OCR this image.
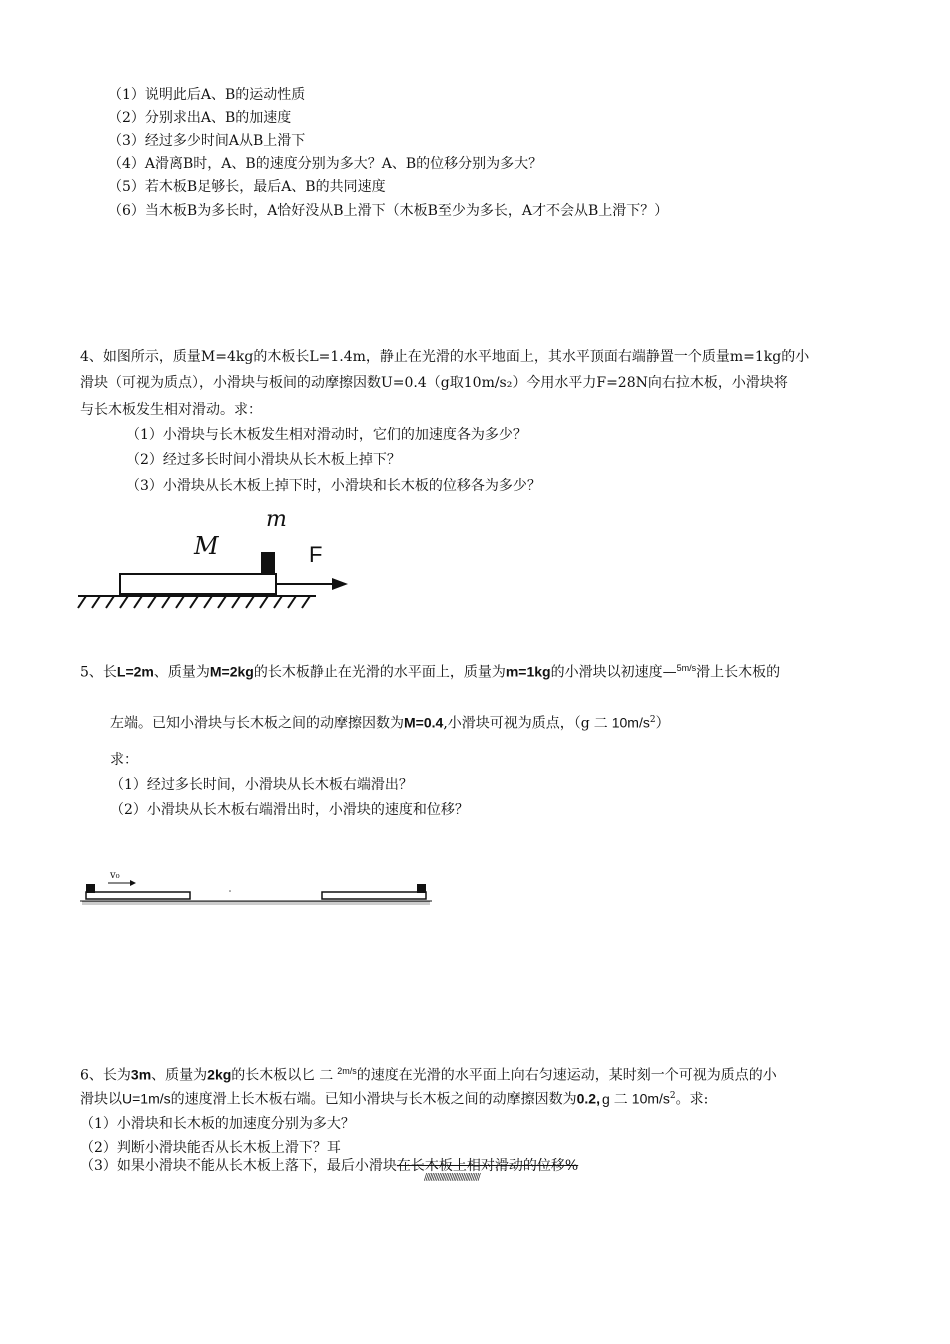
（1）说明此后A、B的运动性质
（2）分别求出A、B的加速度
（3）经过多少时间A从B上滑下
（4）A滑离B时，A、B的速度分别为多大？A、B的位移分别为多大？
（5）若木板B足够长，最后A、B的共同速度
（6）当木板B为多长时，A恰好没从B上滑下（木板B至少为多长，A才不会从B上滑下？）
4、如图所示，质量M=4kg的木板长L=1.4m，静止在光滑的水平地面上，其水平顶面右端静置一个质量m=1kg的小
滑块（可视为质点），小滑块与板间的动摩擦因数U=0.4（g取10m/s₂）今用水平力F=28N向右拉木板，小滑块将
与长木板发生相对滑动。求：
（1）小滑块与长木板发生相对滑动时，它们的加速度各为多少？
（2）经过多长时间小滑块从长木板上掉下？
（3）小滑块从长木板上掉下时，小滑块和长木板的位移各为多少？
M
m
F
5、长L=2m、质量为M=2kg的长木板静止在光滑的水平面上，质量为m=1kg的小滑块以初速度—$^{5m/s}$滑上长木板的
左端。已知小滑块与长木板之间的动摩擦因数为M=0.4,小滑块可视为质点，（g 二 $10m/s^2$）
求：
（1）经过多长时间，小滑块从长木板右端滑出？
（2）小滑块从长木板右端滑出时，小滑块的速度和位移？
v₀
6、长为3m、质量为2kg的长木板以匕 二 $^{2m/s}$的速度在光滑的水平面上向右匀速运动，某时刻一个可视为质点的小
滑块以U=1m/s的速度滑上长木板右端。已知小滑块与长木板之间的动摩擦因数为0.2, g 二 $10m/s^2$。求:
（1）小滑块和长木板的加速度分别为多大？
（2）判断小滑块能否从长木板上滑下？耳
（3）如果小滑块不能从长木板上落下，最后小滑块在长木板上相对滑动的位移%
////////////////////////////////
